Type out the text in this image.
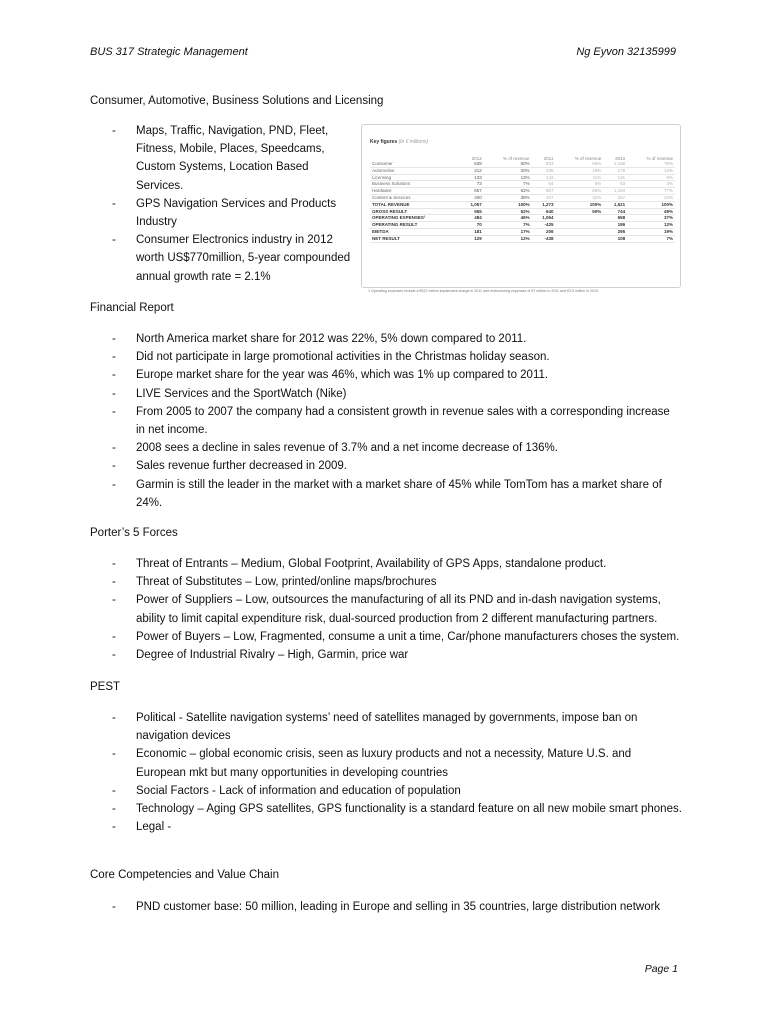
BUS 317 Strategic Management	Ng Eyvon 32135999
Consumer, Automotive, Business Solutions and Licensing
- Maps, Traffic, Navigation, PND, Fleet, Fitness, Mobile, Places, Speedcams, Custom Systems, Location Based
Services.
- GPS Navigation Services and Products Industry
- Consumer Electronics industry in 2012 worth US$770million, 5-year compounded annual growth rate = 2.1%
Key figures (in € millions)
	2012	% of revenue	2011	% of revenue	2010	% of revenue
Consumer	639	60%	833	65%	1,158	76%
Automotive	212	20%	235	18%	179	12%
Licensing	133	13%	142	11%	131	9%
Business Solutions	73	7%	64	5%	53	3%
Hardware	657	62%	867	68%	1,164	77%
Content & Services	400	38%	407	32%	357	23%
TOTAL REVENUE	1,057	100%	1,273	100%	1,521	100%
GROSS RESULT	555	52%	640	50%	744	49%
OPERATING EXPENSES¹	484	46%	1,064		558	37%
OPERATING RESULT	70	7%	-425		186	12%
EBITDA	181	17%	206		295	19%
NET RESULT	129	12%	-438		108	7%
1 Operating expenses include a €512 million impairment charge in 2011 and restructuring expenses of €7 million in 2011 and €3.5 million in 2010.
Financial Report
- North America market share for 2012 was 22%, 5% down compared to 2011.
- Did not participate in large promotional activities in the Christmas holiday season.
- Europe market share for the year was 46%, which was 1% up compared to 2011.
- LIVE Services and the SportWatch (Nike)
- From 2005 to 2007 the company had a consistent growth in revenue sales with a corresponding increase in net income.
- 2008 sees a decline in sales revenue of 3.7% and a net income decrease of 136%.
- Sales revenue further decreased in 2009.
- Garmin is still the leader in the market with a market share of 45% while TomTom has a market share of 24%.
Porter’s 5 Forces
- Threat of Entrants – Medium, Global Footprint, Availability of GPS Apps, standalone product.
- Threat of Substitutes – Low, printed/online maps/brochures
- Power of Suppliers – Low, outsources the manufacturing of all its PND and in-dash navigation systems, ability to limit capital expenditure risk, dual-sourced production from 2 different manufacturing partners.
- Power of Buyers – Low, Fragmented, consume a unit a time, Car/phone manufacturers choses the system.
- Degree of Industrial Rivalry – High, Garmin, price war
PEST
- Political - Satellite navigation systems’ need of satellites managed by governments, impose ban on navigation devices
- Economic – global economic crisis, seen as luxury products and not a necessity, Mature U.S. and European mkt but many opportunities in developing countries
- Social Factors - Lack of information and education of population
- Technology – Aging GPS satellites, GPS functionality is a standard feature on all new mobile smart phones.
- Legal -
Core Competencies and Value Chain
- PND customer base: 50 million, leading in Europe and selling in 35 countries, large distribution network
Page 1
